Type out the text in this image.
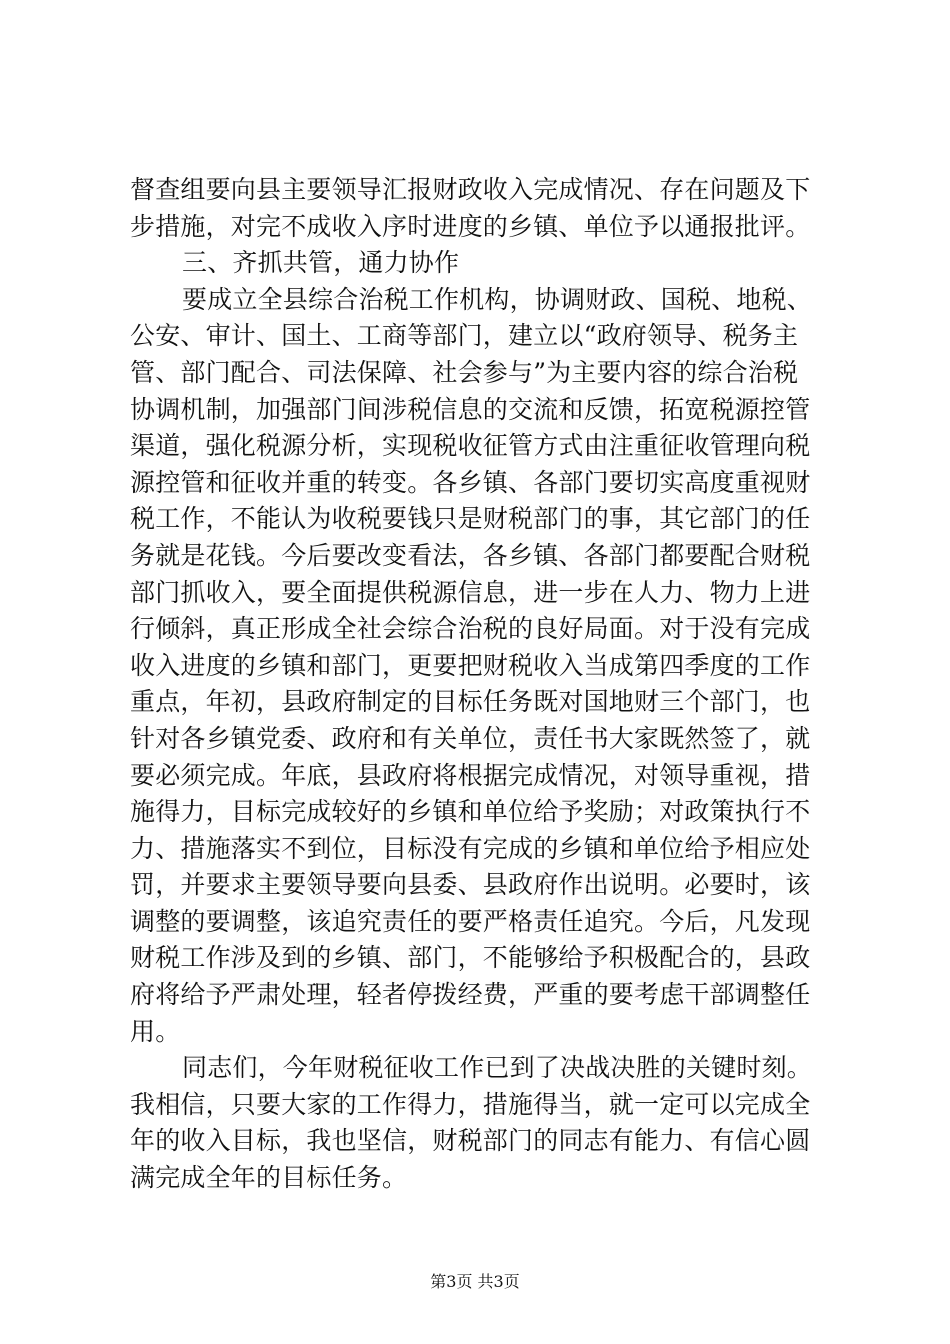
督查组要向县主要领导汇报财政收入完成情况、存在问题及下
步措施，对完不成收入序时进度的乡镇、单位予以通报批评。
三、齐抓共管，通力协作
要成立全县综合治税工作机构，协调财政、国税、地税、
公安、审计、国土、工商等部门，建立以“政府领导、税务主
管、部门配合、司法保障、社会参与”为主要内容的综合治税
协调机制，加强部门间涉税信息的交流和反馈，拓宽税源控管
渠道，强化税源分析，实现税收征管方式由注重征收管理向税
源控管和征收并重的转变。各乡镇、各部门要切实高度重视财
税工作，不能认为收税要钱只是财税部门的事，其它部门的任
务就是花钱。今后要改变看法，各乡镇、各部门都要配合财税
部门抓收入，要全面提供税源信息，进一步在人力、物力上进
行倾斜，真正形成全社会综合治税的良好局面。对于没有完成
收入进度的乡镇和部门，更要把财税收入当成第四季度的工作
重点，年初，县政府制定的目标任务既对国地财三个部门，也
针对各乡镇党委、政府和有关单位，责任书大家既然签了，就
要必须完成。年底，县政府将根据完成情况，对领导重视，措
施得力，目标完成较好的乡镇和单位给予奖励；对政策执行不
力、措施落实不到位，目标没有完成的乡镇和单位给予相应处
罚，并要求主要领导要向县委、县政府作出说明。必要时，该
调整的要调整，该追究责任的要严格责任追究。今后，凡发现
财税工作涉及到的乡镇、部门，不能够给予积极配合的，县政
府将给予严肃处理，轻者停拨经费，严重的要考虑干部调整任
用。
同志们，今年财税征收工作已到了决战决胜的关键时刻。
我相信，只要大家的工作得力，措施得当，就一定可以完成全
年的收入目标，我也坚信，财税部门的同志有能力、有信心圆
满完成全年的目标任务。
第3页 共3页
